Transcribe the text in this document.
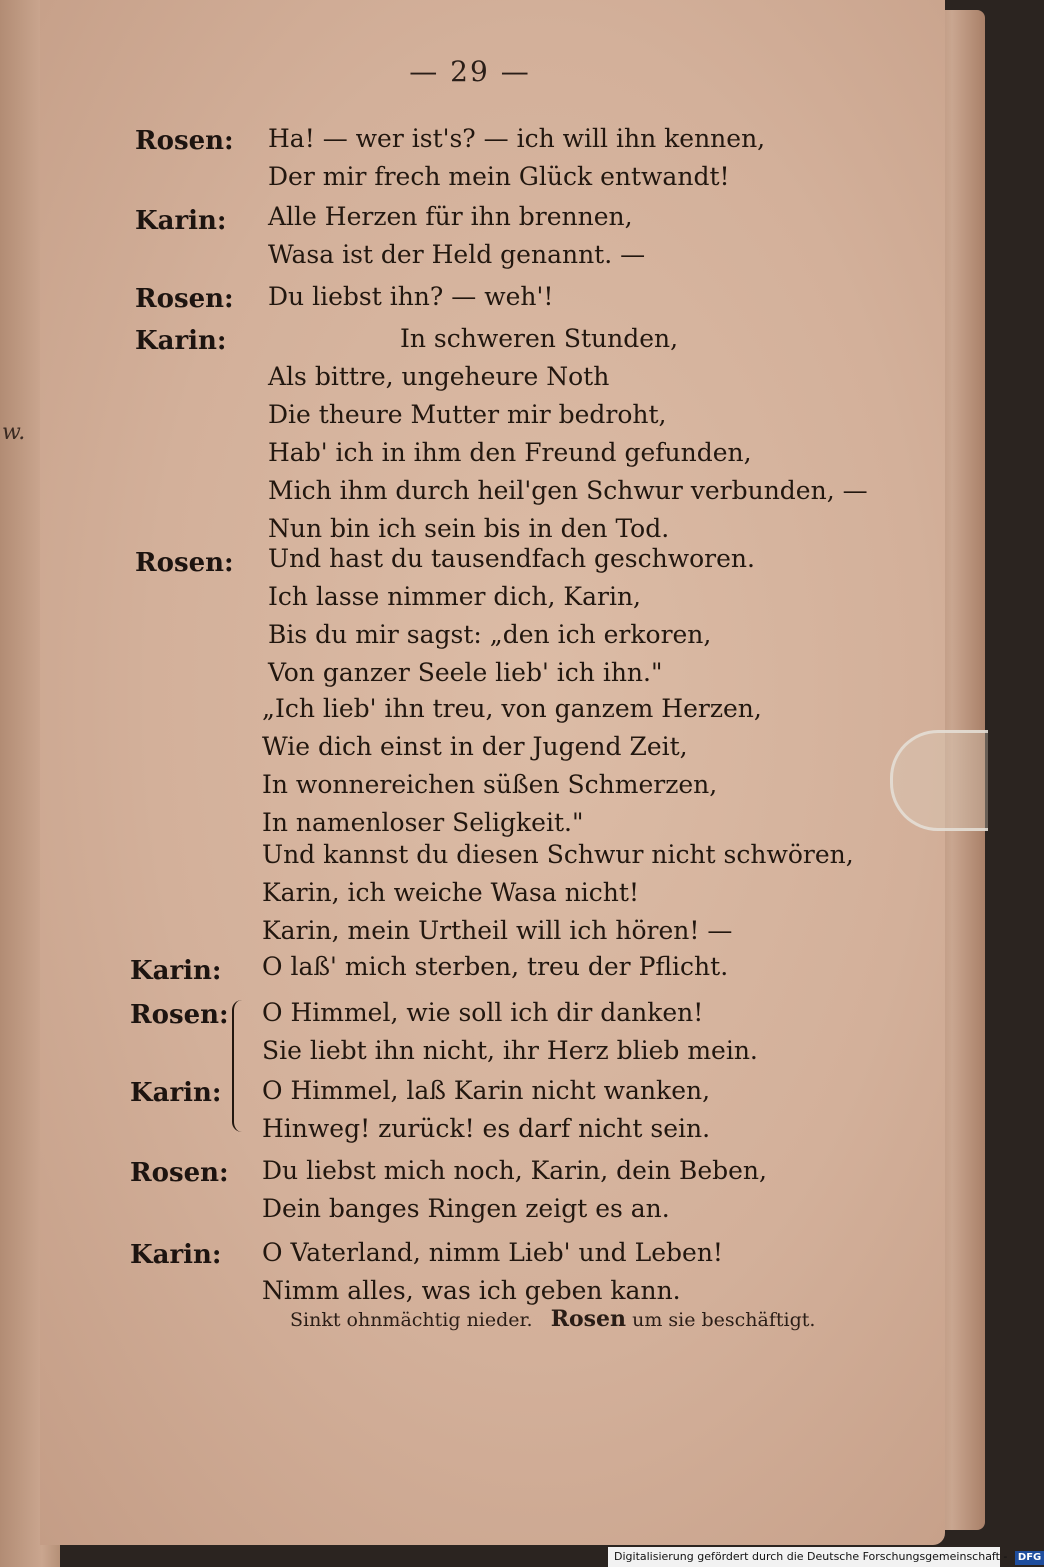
w.
— 29 —
Rosen:
Karin:
Rosen:
Karin:
Rosen:
Karin:
Rosen:
Karin:
Rosen:
Karin:
Ha! — wer ist's? — ich will ihn kennen,
Der mir frech mein Glück entwandt!
Alle Herzen für ihn brennen,
Wasa ist der Held genannt. —
Du liebst ihn? — weh'!
In schweren Stunden,
Als bittre, ungeheure Noth
Die theure Mutter mir bedroht,
Hab' ich in ihm den Freund gefunden,
Mich ihm durch heil'gen Schwur verbunden, —
Nun bin ich sein bis in den Tod.
Und hast du tausendfach geschworen.
Ich lasse nimmer dich, Karin,
Bis du mir sagst: „den ich erkoren,
Von ganzer Seele lieb' ich ihn."
„Ich lieb' ihn treu, von ganzem Herzen,
Wie dich einst in der Jugend Zeit,
In wonnereichen süßen Schmerzen,
In namenloser Seligkeit."
Und kannst du diesen Schwur nicht schwören,
Karin, ich weiche Wasa nicht!
Karin, mein Urtheil will ich hören! —
O laß' mich sterben, treu der Pflicht.
O Himmel, wie soll ich dir danken!
Sie liebt ihn nicht, ihr Herz blieb mein.
O Himmel, laß Karin nicht wanken,
Hinweg! zurück! es darf nicht sein.
Du liebst mich noch, Karin, dein Beben,
Dein banges Ringen zeigt es an.
O Vaterland, nimm Lieb' und Leben!
Nimm alles, was ich geben kann.
Sinkt ohnmächtig nieder. Rosen um sie beschäftigt.
Digitalisierung gefördert durch die Deutsche Forschungsgemeinschaft - DFG
